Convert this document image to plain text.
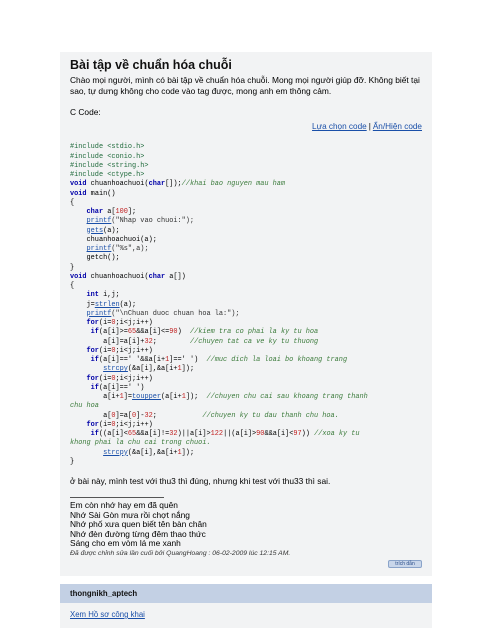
Bài tập về chuẩn hóa chuỗi
Chào mọi người, mình có bài tập về chuẩn hóa chuỗi. Mong mọi người giúp đỡ. Không biết tại sao, tự dưng không cho code vào tag được, mong anh em thông cảm.
C Code:
Lựa chọn code | Ẩn/Hiện code

#include <stdio.h>
#include <conio.h>
#include <string.h>
#include <ctype.h>
void chuanhoachuoi(char[]);//khai bao nguyen mau ham
void main()
{
char a[100];
printf("Nhap vao chuoi:");
gets(a);
chuanhoachuoi(a);
printf("%s",a);
getch();
}
void chuanhoachuoi(char a[])
{
int i,j;
j=strlen(a);
printf("\nChuan duoc chuan hoa la:");
for(i=0;i<j;i++)
if(a[i]>=65&&a[i]<=90)  //kiem tra co phai la ky tu hoa
a[i]=a[i]+32;        //chuyen tat ca ve ky tu thuong
for(i=0;i<j;i++)
if(a[i]==' '&&a[i+1]==' ')  //muc dich la loai bo khoang trang
strcpy(&a[i],&a[i+1]);
for(i=0;i<j;i++)
if(a[i]==' ')
a[i+1]=toupper(a[i+1]);  //chuyen chu cai sau khoang trang thanh
chu hoa
a[0]=a[0]-32;           //chuyen ky tu dau thanh chu hoa.
for(i=0;i<j;i++)
if((a[i]<65&&a[i]!=32)||a[i]>122||(a[i]>90&&a[i]<97)) //xoa ky tu
khong phai la chu cai trong chuoi.
strcpy(&a[i],&a[i+1]);
}
ở bài này, mình test với thu3 thì đúng, nhưng khi test với thu33 thì sai.
Em còn nhớ hay em đã quên
Nhớ Sài Gòn mưa rồi chợt nắng
Nhớ phố xưa quen biết tên bàn chân
Nhớ đèn đường từng đêm thao thức
Sáng cho em vòm lá me xanh
Đã được chỉnh sửa lần cuối bởi QuangHoang : 06-02-2009 lúc 12:15 AM.
trích dẫn
thongnikh_aptech
Xem Hồ sơ công khai
